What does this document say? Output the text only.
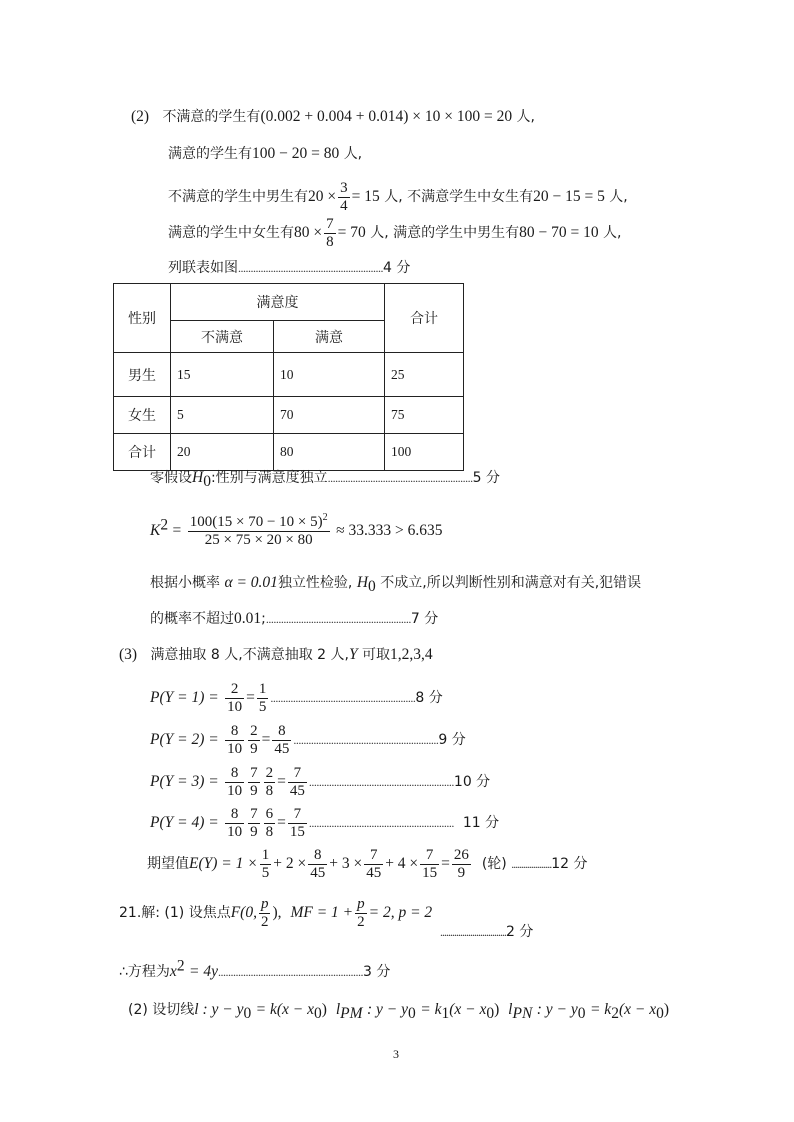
(2) 不满意的学生有(0.002 + 0.004 + 0.014) × 10 × 100 = 20 人,
满意的学生有100 − 20 = 80 人,
不满意的学生中男生有$20 \times \frac{3}{4} = 15$ 人, 不满意学生中女生有20 − 15 = 5 人,
满意的学生中女生有$80 \times \frac{7}{8} = 70$ 人, 满意的学生中男生有80 − 70 = 10 人,
列联表如图..........................................................4 分
性别	满意度		合计
	不满意	满意	
男生	15	10	25
女生	5	70	75
合计	20	80	100
零假设$H_0$:性别与满意度独立..........................................................5 分
$K^2 = \frac{100(15 \times 70 - 10 \times 5)^2}{25 \times 75 \times 20 \times 80} \approx 33.333 > 6.635$
根据小概率 α = 0.01独立性检验, $H_0$ 不成立,所以判断性别和满意对有关,犯错误
的概率不超过0.01;..........................................................7 分
(3) 满意抽取 8 人,不满意抽取 2 人,Y 可取1,2,3,4
$P(Y = 1) = \frac{2}{10} = \frac{1}{5} ..........................................................8$ 分
$P(Y = 2) = \frac{8}{10} \frac{2}{9} = \frac{8}{45} ..........................................................9$ 分
$P(Y = 3) = \frac{8}{10} \frac{7}{9} \frac{2}{8} = \frac{7}{45} ..........................................................10$ 分
$P(Y = 4) = \frac{8}{10} \frac{7}{9} \frac{6}{8} = \frac{7}{15}$ .......................................................... 11 分
期望值$E(Y) = 1 \times \frac{1}{5} + 2 \times \frac{8}{45} + 3 \times \frac{7}{45} + 4 \times \frac{7}{15} = \frac{26}{9}$ (轮) ....................12 分
21.解: (1) 设焦点F(0, $\frac{p}{2}$ ), MF = $1 + \frac{p}{2} = 2$, p = 2
.................................2 分
∴方程为$x^2 = 4y..........................................................3$ 分
(2) 设切线l : $y - y_0 = k(x - x_0)$ $l_{PM}$ : $y - y_0 = k_1(x - x_0)$ $l_{PN}$ : $y - y_0 = k_2(x - x_0)$
3
